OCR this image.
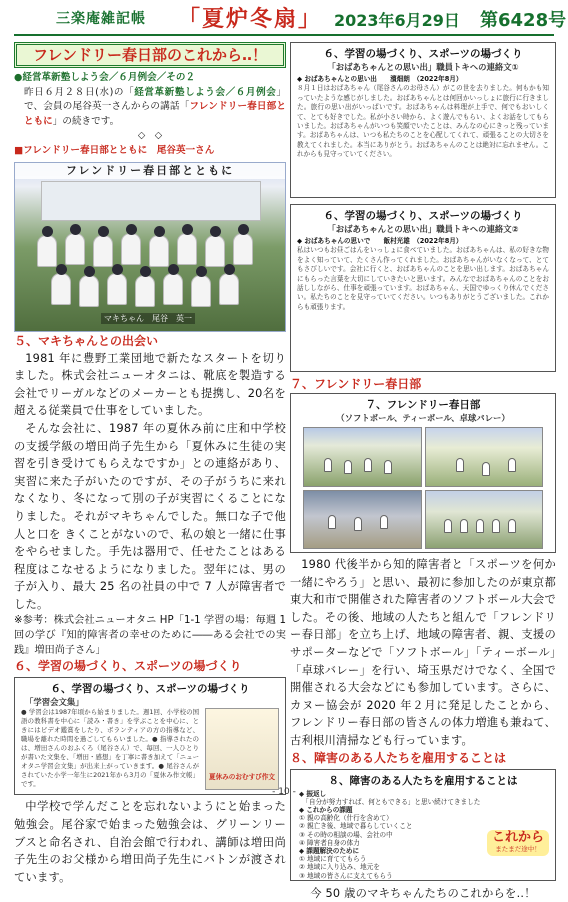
三楽庵雑記帳 「夏炉冬扇」 2023年6月29日 第6428号
フレンドリー春日部のこれから‥！
●経営革新塾しよう会／６月例会／その２
昨日６月２８日(水)の「経営革新塾しよう会／６月例会」で、会員の尾谷英一さんからの講話「フレンドリー春日部とともに」の続きです。
◇　◇
■フレンドリー春日部とともに　尾谷英一さん
フレンドリー春日部とともに
マキちゃん　尾谷　英一
５、マキちゃんとの出会い
1981 年に豊野工業団地で新たなスタートを切りました。株式会社ニューオタニは、靴底を製造する会社でリーガルなどのメーカーとも提携し、20名を超える従業員で仕事をしていました。
そんな会社に、1987 年の夏休み前に庄和中学校の支援学級の増田尚子先生から「夏休みに生徒の実習を引き受けてもらえなですか」との連絡があり、実習に来た子がいたのですが、その子がうちに来れなくなり、冬になって別の子が実習にくることになりました。それがマキちゃんでした。無口な子で他人と口を きくことがないので、私の娘と一緒に仕事をやらせました。手先は器用で、任せたことはある程度はこなせるようになりました。翌年には、男の子が入り、最大 25 名の社員の中で 7 人が障害者でした。
※参考：株式会社ニューオタニ HP「1-1 学習の場：毎週 1 回の学び『知的障害者の幸せのために――ある会社での実践』増田尚子さん」
６、学習の場づくり、スポーツの場づくり
６、学習の場づくり、スポーツの場づくり
「学習会文集」
● 学習会は1987年頃から始まりました。週1回、小学校の国語の教科書を中心に「読み・書き」を学ぶことを中心に、ときにはビデオ鑑賞をしたり、ボランティアの方の指導など、職場を離れた時間を過ごしてもらいました。● 指導されたのは、増田さんのおふくろ（尾谷さん）で、毎回、一人ひとりが書いた文集を、「増田・感想」を丁寧に書き加えて「ニューオタニ学習会文集」が出来上がっていきます。● 尾谷さんがされていた小学一年生に2021年から3月の「夏休み作文帳」です。
夏休みのおむすび作文
中学校で学んだことを忘れないようにと始まった勉強会。尾谷家で始まった勉強会は、グリーンリーブスと命名され、自治会館で行われ、講師は増田尚子先生のお父様から増田尚子先生にバトンが渡されています。
６、学習の場づくり、スポーツの場づくり
「おばあちゃんとの思い出」職員トキへの連絡文①
◆ おばあちゃんとの思い出　　濱畑朗　（2022年8月）
８月１日はおばあちゃん（尾谷さんのお母さん）がこの世を去りました。何もかも知っていたような感じがしました。おばあちゃんとは何回かいっしょに旅行に行きました。旅行の思い出がいっぱいです。おばあちゃんは料理が上手で、何でもおいしくて、とても好きでした。私が小さい時から、よく遊んでもらい、よくお話をしてもらいました。おばあちゃんがいつも笑顔でいたことは、みんなの心にきっと残っています。おばあちゃんは、いつも私たちのことを心配してくれて、頑張ることの大切さを教えてくれました。本当にありがとう。おばあちゃんのことは絶対に忘れません。これからも見守っていてください。
６、学習の場づくり、スポーツの場づくり
「おばあちゃんとの思い出」職員トキへの連絡文②
◆ おばあちゃんの思いで　　飯村光雄　（2022年8月）
私はいつもお昼ごはんをいっしょに食べていました。おばあちゃんは、私の好きな物をよく知っていて、たくさん作ってくれました。おばあちゃんがいなくなって、とてもさびしいです。会社に行くと、おばあちゃんのことを思い出します。おばあちゃんにもらった言葉を大切にしていきたいと思います。みんなでおばあちゃんのことをお話ししながら、仕事を頑張っています。おばあちゃん、天国でゆっくり休んでください。私たちのことを見守っていてください。いつもありがとうございました。これからも頑張ります。
７、フレンドリー春日部
７、フレンドリー春日部
（ソフトボール、ティーボール、卓球バレー）
1980 代後半から知的障害者と「スポーツを何か一緒にやろう」と思い、最初に参加したのが東京都東大和市で開催された障害者のソフトボール大会でした。その後、地域の人たちと組んで「フレンドリー春日部」を立ち上げ、地域の障害者、親、支援のサポーターなどで「ソフトボール」「ティーボール」「卓球バレー」を行い、埼玉県だけでなく、全国で開催される大会などにも参加しています。さらに、カヌー協会が 2020 年２月に発足したことから、フレンドリー春日部の皆さんの体力増進も兼ねて、古利根川清掃なども行っています。
８、障害のある人たちを雇用することは
８、障害のある人たちを雇用することは
◆ 振返し
　「自分が努力すれば、何ともできる」と思い続けてきました
◆ これからの課題
① 親の高齢化（什行を含めて）
② 親亡き後、地域で暮らしていくこと
③ その時の相談の場、会社の中
④ 障害者自身の体力
◆ 課題解決のために
① 地域に育ててもらう
② 地域に入り込み、地元を
③ 地域の皆さんに支えてもらう
これから
またまだ途中！
今 50 歳のマキちゃんたちのこれからを‥！
- 10 -
